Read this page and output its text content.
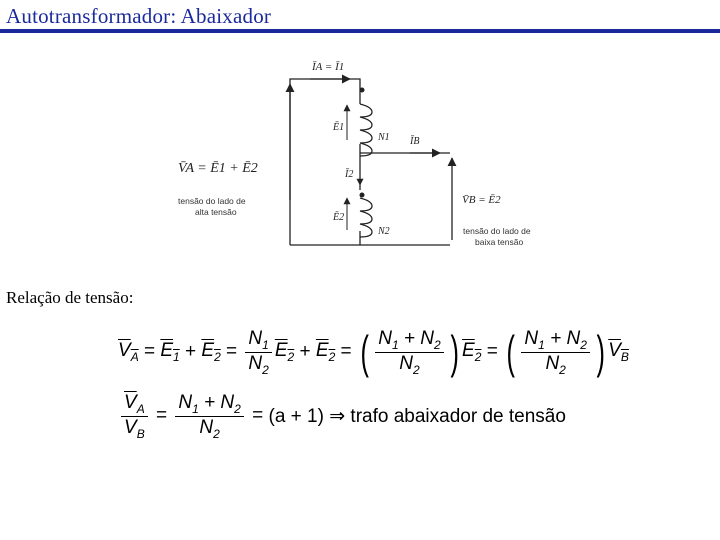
Autotransformador: Abaixador
ĪA = Ī1
Ē1
N1 ĪB
Ī2
Ē2
N2
V̄A = Ē1 + Ē2
tensão do lado de
alta tensão
V̄B = Ē2
tensão do lado de
baixa tensão
Relação de tensão:
$V_A = E_1 + E_2 = \frac{N_1}{N_2} E_2 + E_2$ = ( $\frac{N_1 + N_2}{N_2}$ ) $E_2$ = ( $\frac{N_1 + N_2}{N_2}$ ) $V_B$
$\frac{\overline{V}_A}{\overline{V}_B} = \frac{N_1 + N_2}{N_2} = (a + 1)$ ⇒ trafo abaixador de tensão
